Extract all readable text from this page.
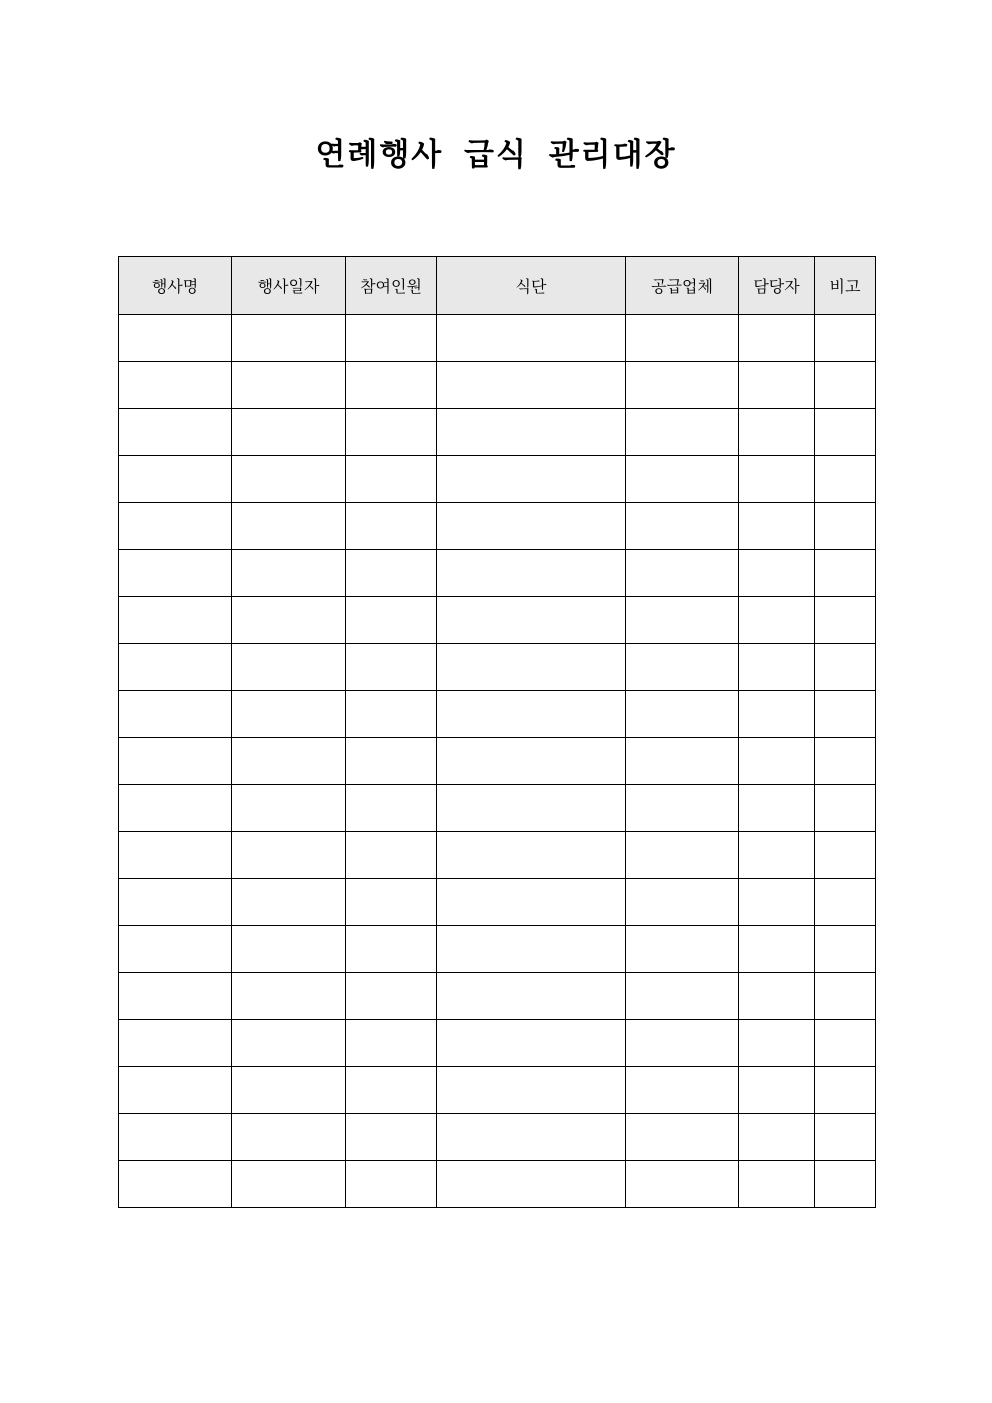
연례행사 급식 관리대장
행사명	행사일자	참여인원	식단	공급업체	담당자	비고
